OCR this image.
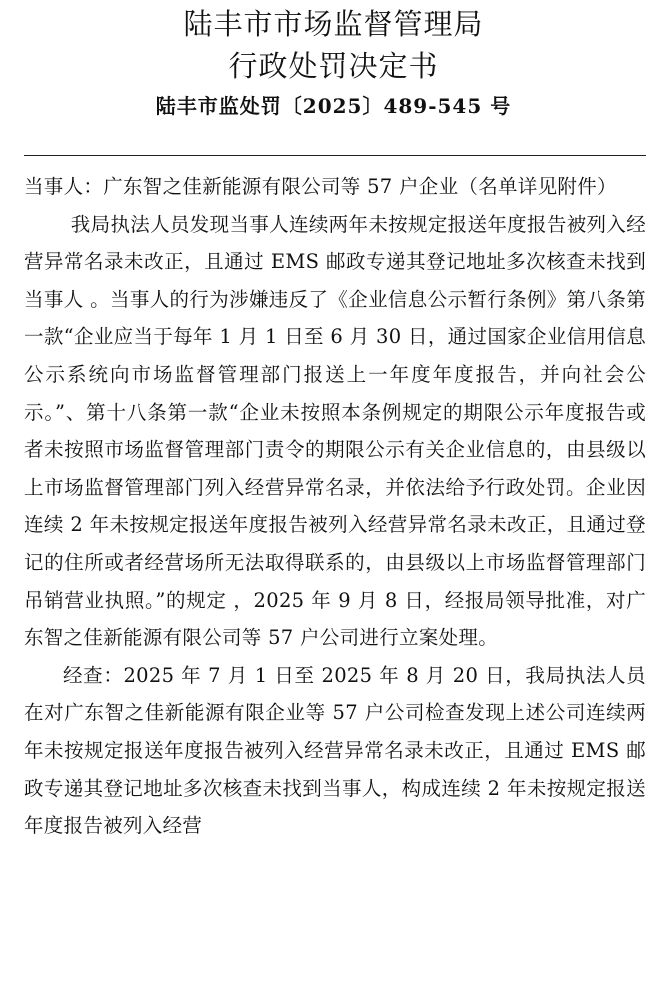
陆丰市市场监督管理局
行政处罚决定书
陆丰市监处罚〔2025〕489-545 号

当事人：广东智之佳新能源有限公司等 57 户企业（名单详见附件）

我局执法人员发现当事人连续两年未按规定报送年度报告被列入经营异常名录未改正，且通过 EMS 邮政专递其登记地址多次核查未找到当事人 。当事人的行为涉嫌违反了《企业信息公示暂行条例》第八条第一款“企业应当于每年 1 月 1 日至 6 月 30 日，通过国家企业信用信息公示系统向市场监督管理部门报送上一年度年度报告，并向社会公示。”、第十八条第一款“企业未按照本条例规定的期限公示年度报告或者未按照市场监督管理部门责令的期限公示有关企业信息的，由县级以上市场监督管理部门列入经营异常名录，并依法给予行政处罚。企业因连续 2 年未按规定报送年度报告被列入经营异常名录未改正，且通过登记的住所或者经营场所无法取得联系的，由县级以上市场监督管理部门吊销营业执照。”的规定 ，2025 年 9 月 8 日，经报局领导批准，对广东智之佳新能源有限公司等 57 户公司进行立案处理。

经查：2025 年 7 月 1 日至 2025 年 8 月 20 日，我局执法人员在对广东智之佳新能源有限企业等 57 户公司检查发现上述公司连续两年未按规定报送年度报告被列入经营异常名录未改正，且通过 EMS 邮政专递其登记地址多次核查未找到当事人，构成连续 2 年未按规定报送年度报告被列入经营
